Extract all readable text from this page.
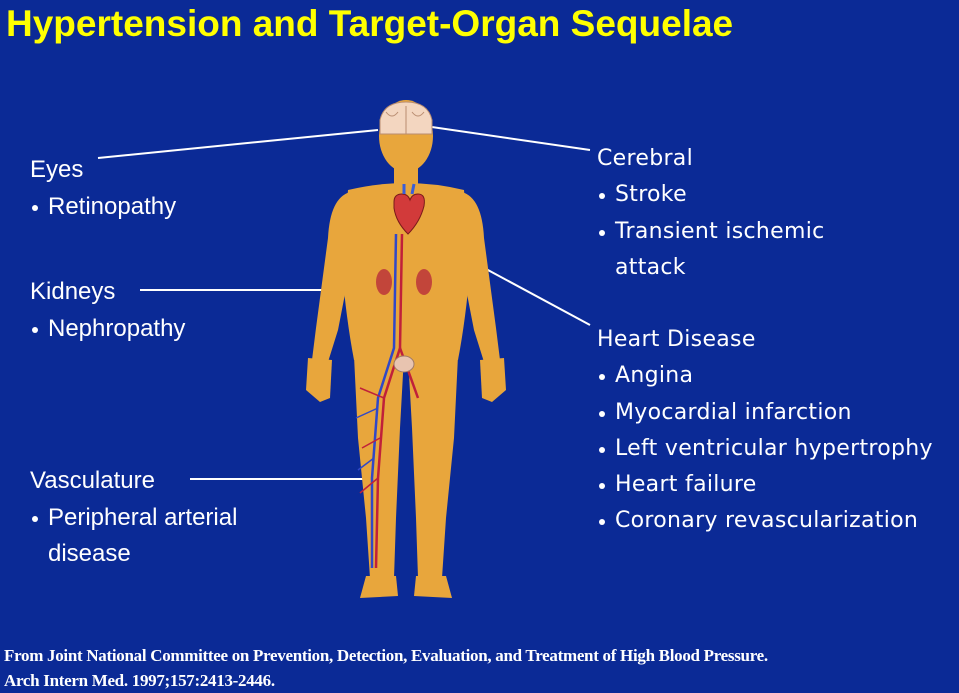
Hypertension and Target-Organ Sequelae
Eyes
Retinopathy
Kidneys
Nephropathy
Vasculature
Peripheral arterial
disease
Cerebral
Stroke
Transient ischemic
attack
Heart Disease
Angina
Myocardial infarction
Left ventricular hypertrophy
Heart failure
Coronary revascularization
From Joint National Committee on Prevention, Detection, Evaluation, and Treatment of High Blood Pressure.
Arch Intern Med. 1997;157:2413-2446.
